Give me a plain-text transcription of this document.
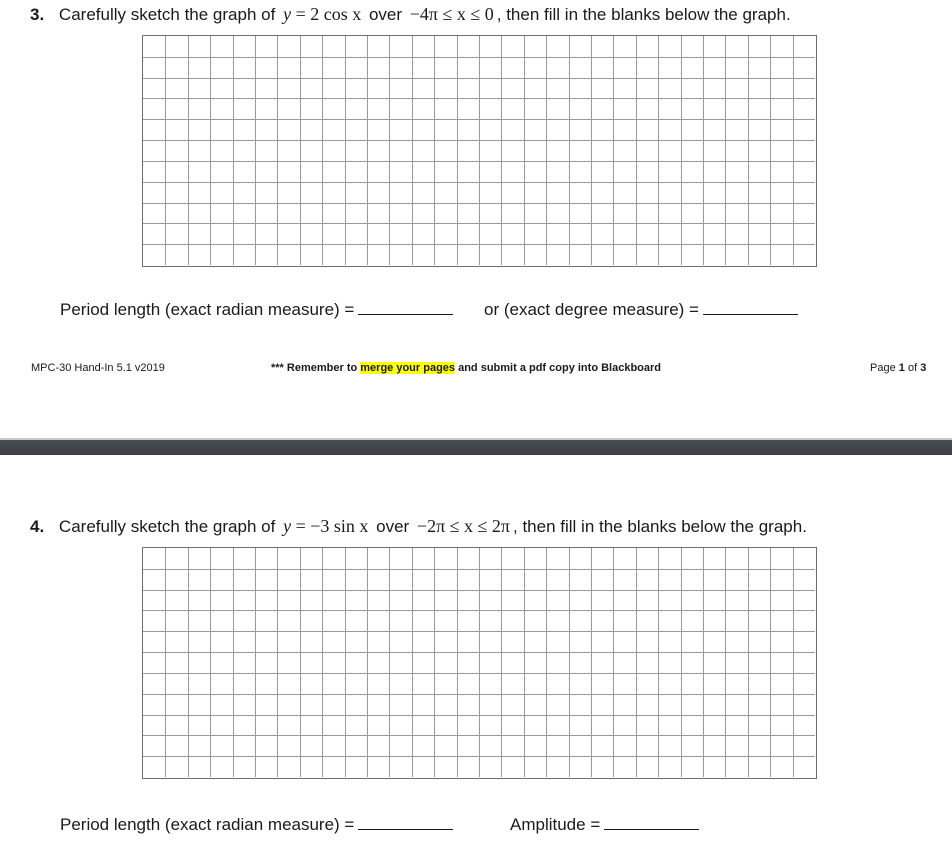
3. Carefully sketch the graph of y = 2 cos x over −4π ≤ x ≤ 0 , then fill in the blanks below the graph.
Period length (exact radian measure) =	or (exact degree measure) =
MPC-30 Hand-In 5.1 v2019	*** Remember to merge your pages and submit a pdf copy into Blackboard	Page 1 of 3
4. Carefully sketch the graph of y = −3 sin x over −2π ≤ x ≤ 2π , then fill in the blanks below the graph.
Period length (exact radian measure) =	Amplitude =
